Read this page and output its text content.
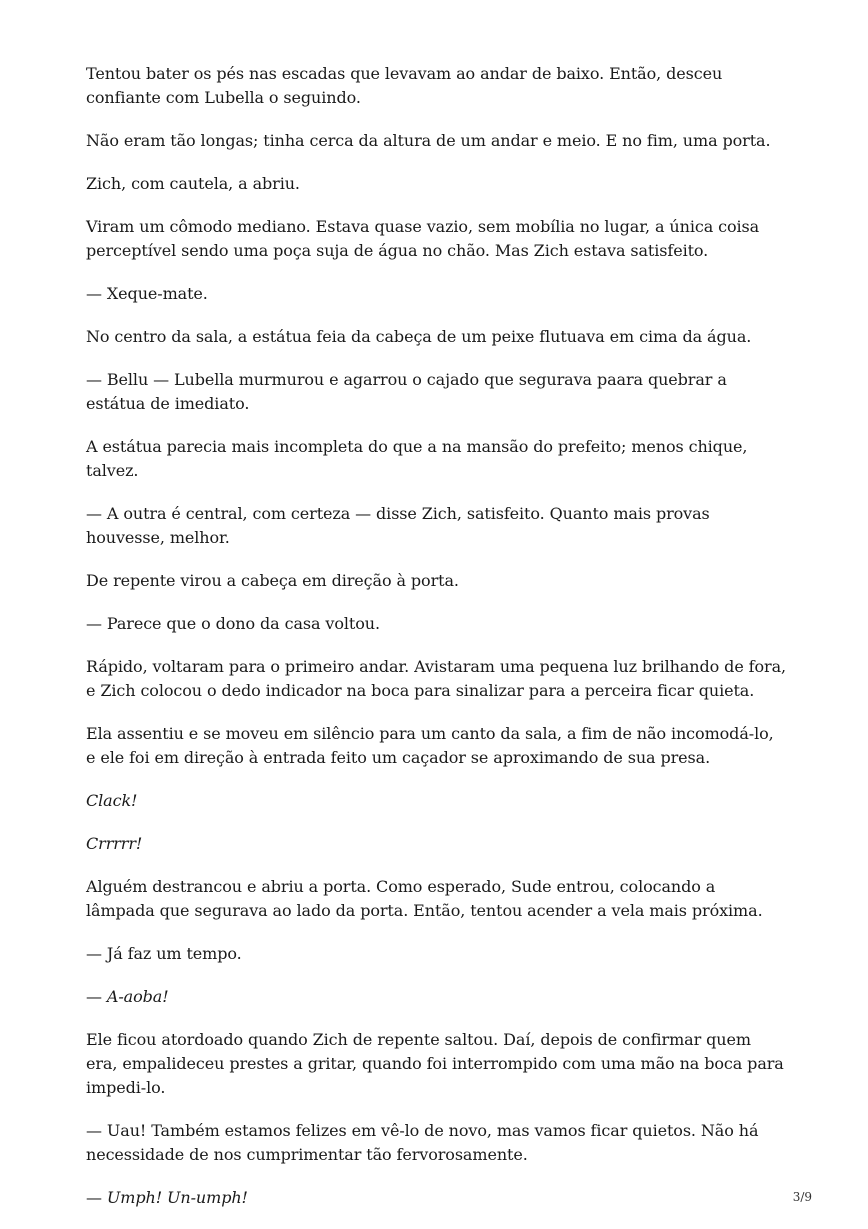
Tentou bater os pés nas escadas que levavam ao andar de baixo. Então, desceu confiante com Lubella o seguindo.

Não eram tão longas; tinha cerca da altura de um andar e meio. E no fim, uma porta.

Zich, com cautela, a abriu.

Viram um cômodo mediano. Estava quase vazio, sem mobília no lugar, a única coisa perceptível sendo uma poça suja de água no chão. Mas Zich estava satisfeito.

— Xeque-mate.

No centro da sala, a estátua feia da cabeça de um peixe flutuava em cima da água.

— Bellu — Lubella murmurou e agarrou o cajado que segurava paara quebrar a estátua de imediato.

A estátua parecia mais incompleta do que a na mansão do prefeito; menos chique, talvez.

— A outra é central, com certeza — disse Zich, satisfeito. Quanto mais provas houvesse, melhor.

De repente virou a cabeça em direção à porta.

— Parece que o dono da casa voltou.

Rápido, voltaram para o primeiro andar. Avistaram uma pequena luz brilhando de fora, e Zich colocou o dedo indicador na boca para sinalizar para a perceira ficar quieta.

Ela assentiu e se moveu em silêncio para um canto da sala, a fim de não incomodá-lo, e ele foi em direção à entrada feito um caçador se aproximando de sua presa.

Clack!

Crrrrr!

Alguém destrancou e abriu a porta. Como esperado, Sude entrou, colocando a lâmpada que segurava ao lado da porta. Então, tentou acender a vela mais próxima.

— Já faz um tempo.

— A-aoba!

Ele ficou atordoado quando Zich de repente saltou. Daí, depois de confirmar quem era, empalideceu prestes a gritar, quando foi interrompido com uma mão na boca para impedi-lo.

— Uau! Também estamos felizes em vê-lo de novo, mas vamos ficar quietos. Não há necessidade de nos cumprimentar tão fervorosamente.

— Umph! Un-umph!	3/9
